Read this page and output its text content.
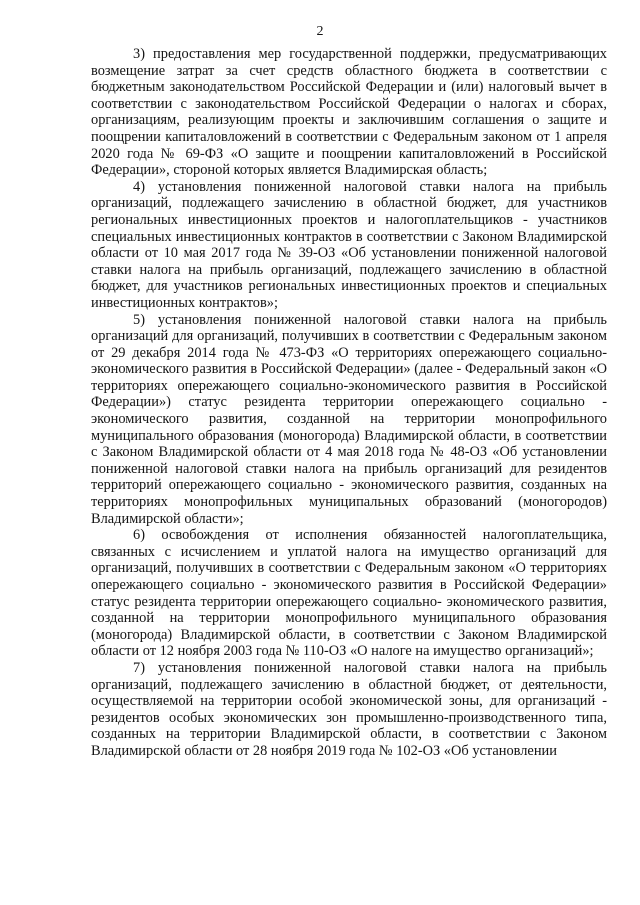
2

3) предоставления мер государственной поддержки, предусматривающих возмещение затрат за счет средств областного бюджета в соответствии с бюджетным законодательством Российской Федерации и (или) налоговый вычет в соответствии с законодательством Российской Федерации о налогах и сборах, организациям, реализующим проекты и заключившим соглашения о защите и поощрении капиталовложений в соответствии с Федеральным законом от 1 апреля 2020 года № 69-ФЗ «О защите и поощрении капиталовложений в Российской Федерации», стороной которых является Владимирская область;

4) установления пониженной налоговой ставки налога на прибыль организаций, подлежащего зачислению в областной бюджет, для участников региональных инвестиционных проектов и налогоплательщиков - участников специальных инвестиционных контрактов в соответствии с Законом Владимирской области от 10 мая 2017 года № 39-ОЗ «Об установлении пониженной налоговой ставки налога на прибыль организаций, подлежащего зачислению в областной бюджет, для участников региональных инвестиционных проектов и специальных инвестиционных контрактов»;

5) установления пониженной налоговой ставки налога на прибыль организаций для организаций, получивших в соответствии с Федеральным законом от 29 декабря 2014 года № 473-ФЗ «О территориях опережающего социально-экономического развития в Российской Федерации» (далее - Федеральный закон «О территориях опережающего социально-экономического развития в Российской Федерации») статус резидента территории опережающего социально - экономического развития, созданной на территории монопрофильного муниципального образования (моногорода) Владимирской области, в соответствии с Законом Владимирской области от 4 мая 2018 года № 48-ОЗ «Об установлении пониженной налоговой ставки налога на прибыль организаций для резидентов территорий опережающего социально - экономического развития, созданных на территориях монопрофильных муниципальных образований (моногородов) Владимирской области»;

6) освобождения от исполнения обязанностей налогоплательщика, связанных с исчислением и уплатой налога на имущество организаций для организаций, получивших в соответствии с Федеральным законом «О территориях опережающего социально - экономического развития в Российской Федерации» статус резидента территории опережающего социально- экономического развития, созданной на территории монопрофильного муниципального образования (моногорода) Владимирской области, в соответствии с Законом Владимирской области от 12 ноября 2003 года № 110-ОЗ «О налоге на имущество организаций»;

7) установления пониженной налоговой ставки налога на прибыль организаций, подлежащего зачислению в областной бюджет, от деятельности, осуществляемой на территории особой экономической зоны, для организаций - резидентов особых экономических зон промышленно-производственного типа, созданных на территории Владимирской области, в соответствии с Законом Владимирской области от 28 ноября 2019 года № 102-ОЗ «Об установлении
